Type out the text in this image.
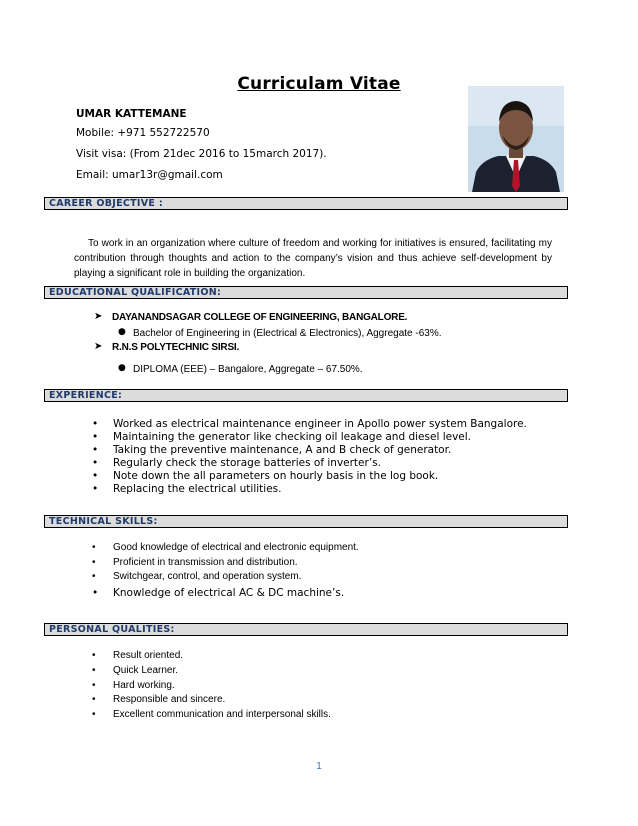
Curriculam Vitae
UMAR KATTEMANE
Mobile: +971 552722570
Visit visa: (From 21dec 2016 to 15march 2017).
Email: umar13r@gmail.com
CAREER OBJECTIVE :
To work in an organization where culture of freedom and working for initiatives is ensured, facilitating my contribution through thoughts and action to the company’s vision and thus achieve self-development by playing a significant role in building the organization.
EDUCATIONAL QUALIFICATION:
➤ DAYANANDSAGAR COLLEGE OF ENGINEERING, BANGALORE.
● Bachelor of Engineering in (Electrical & Electronics), Aggregate -63%.
➤ R.N.S POLYTECHNIC SIRSI.
● DIPLOMA (EEE) – Bangalore, Aggregate – 67.50%.
EXPERIENCE:
• Worked as electrical maintenance engineer in Apollo power system Bangalore.
• Maintaining the generator like checking oil leakage and diesel level.
• Taking the preventive maintenance, A and B check of generator.
• Regularly check the storage batteries of inverter’s.
• Note down the all parameters on hourly basis in the log book.
• Replacing the electrical utilities.
TECHNICAL SKILLS:
• Good knowledge of electrical and electronic equipment.
• Proficient in transmission and distribution.
• Switchgear, control, and operation system.
• Knowledge of electrical AC & DC machine’s.
PERSONAL QUALITIES:
• Result oriented.
• Quick Learner.
• Hard working.
• Responsible and sincere.
• Excellent communication and interpersonal skills.
1
